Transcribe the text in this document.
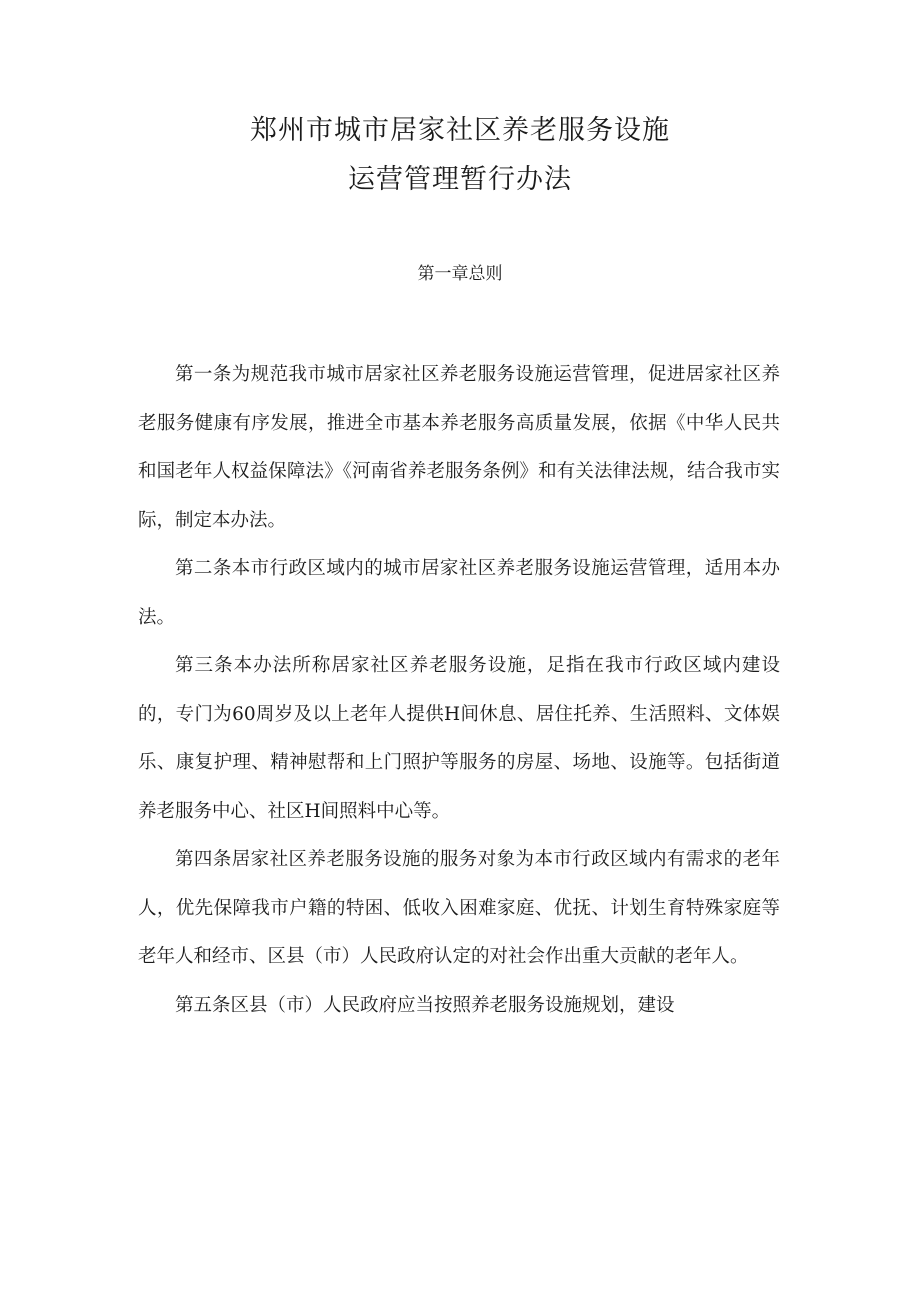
郑州市城市居家社区养老服务设施
运营管理暂行办法
第一章总则

第一条为规范我市城市居家社区养老服务设施运营管理，促进居家社区养老服务健康有序发展，推进全市基本养老服务高质量发展，依据《中华人民共和国老年人权益保障法》《河南省养老服务条例》和有关法律法规，结合我市实际，制定本办法。

第二条本市行政区域内的城市居家社区养老服务设施运营管理，适用本办法。

第三条本办法所称居家社区养老服务设施，足指在我市行政区域内建设的，专门为60周岁及以上老年人提供H间休息、居住托养、生活照料、文体娱乐、康复护理、精神慰帮和上门照护等服务的房屋、场地、设施等。包括街道养老服务中心、社区H间照料中心等。

第四条居家社区养老服务设施的服务对象为本市行政区域内有需求的老年人，优先保障我市户籍的特困、低收入困难家庭、优抚、计划生育特殊家庭等老年人和经市、区县（市）人民政府认定的对社会作出重大贡献的老年人。

第五条区县（市）人民政府应当按照养老服务设施规划，建设
